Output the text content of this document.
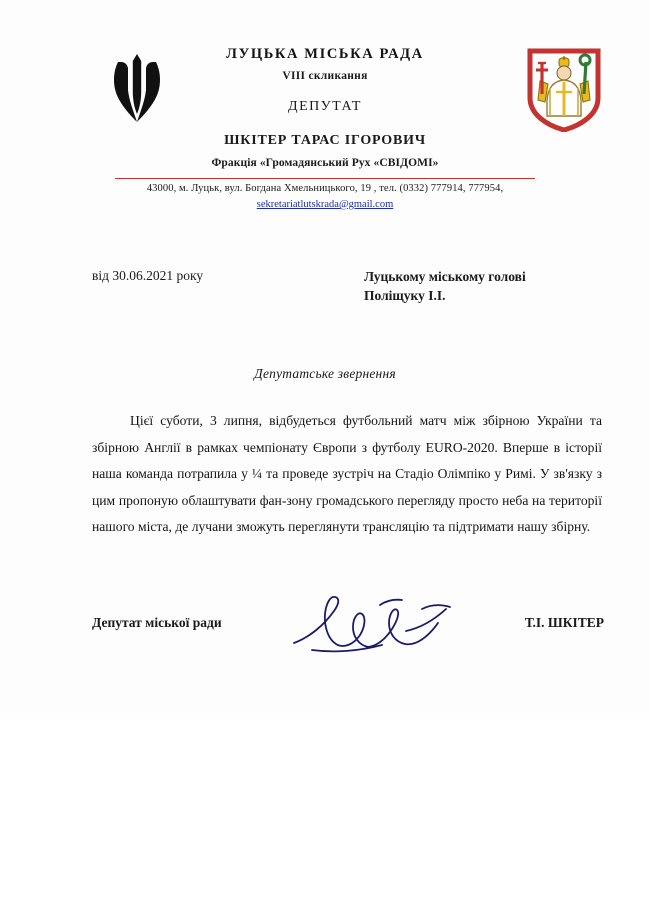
ЛУЦЬКА МІСЬКА РАДА
VIII скликання
ДЕПУТАТ
ШКІТЕР ТАРАС ІГОРОВИЧ
Фракція «Громадянський Рух «СВІДОМІ»
43000, м. Луцьк, вул. Богдана Хмельницького, 19 , тел. (0332) 777914, 777954,
sekretariatlutskrada@gmail.com
від 30.06.2021 року	Луцькому міському голові
Поліщуку І.І.
Депутатське звернення

Цієї суботи, 3 липня, відбудеться футбольний матч між збірною України та збірною Англії в рамках чемпіонату Європи з футболу EURO-2020. Вперше в історії наша команда потрапила у ¼ та проведе зустріч на Стадіо Олімпіко у Римі. У зв'язку з цим пропоную облаштувати фан-зону громадського перегляду просто неба на території нашого міста, де лучани зможуть переглянути трансляцію та підтримати нашу збірну.

Депутат міської ради	Т.І. ШКІТЕР
